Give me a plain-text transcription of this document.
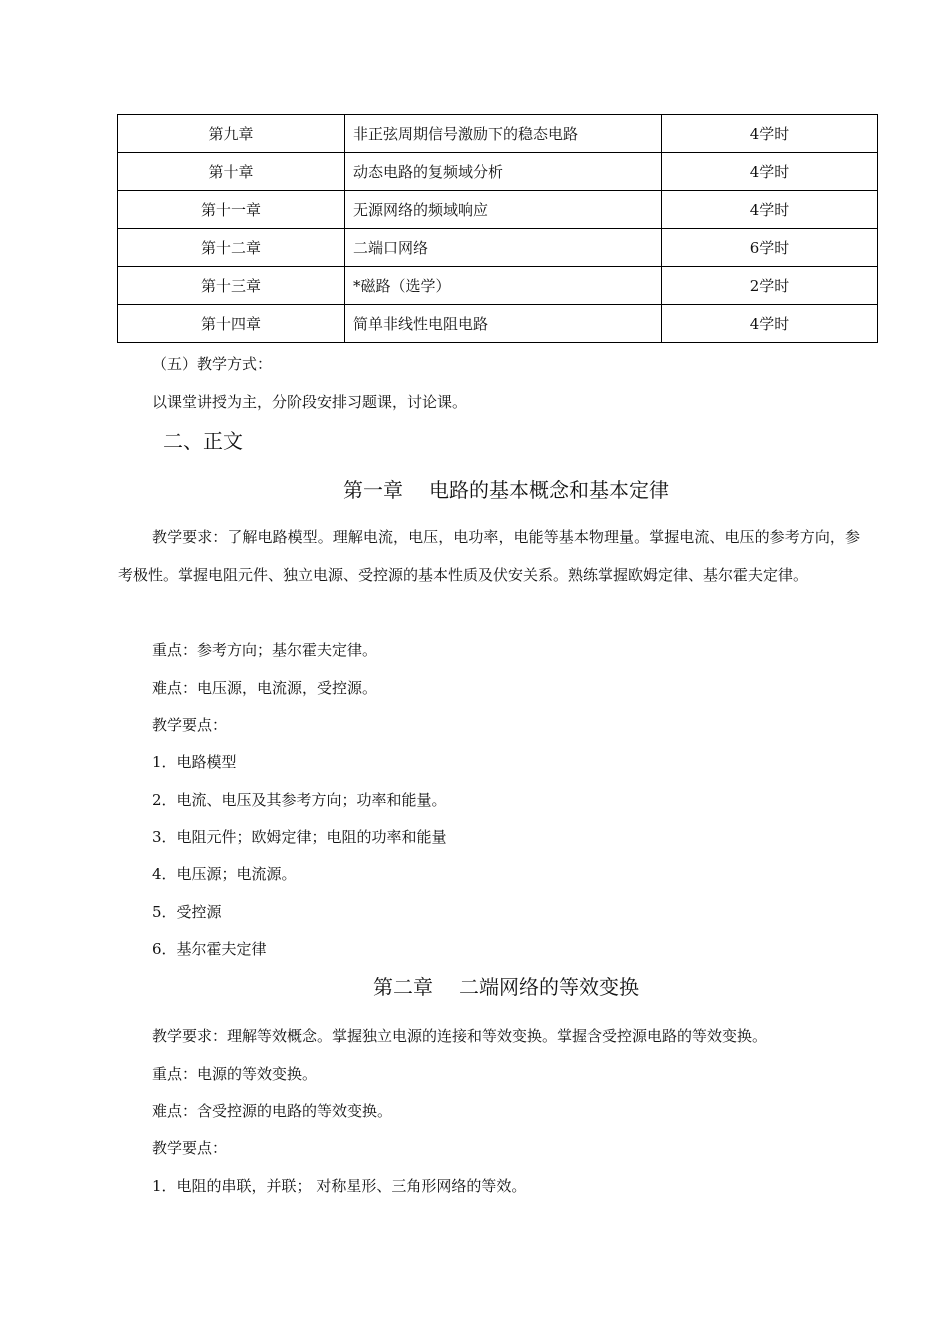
第九章	非正弦周期信号激励下的稳态电路	4学时
第十章	动态电路的复频域分析	4学时
第十一章	无源网络的频域响应	4学时
第十二章	二端口网络	6学时
第十三章	*磁路（选学）	2学时
第十四章	简单非线性电阻电路	4学时
（五）教学方式：
以课堂讲授为主，分阶段安排习题课，讨论课。
二、正文
第一章 电路的基本概念和基本定律
教学要求：了解电路模型。理解电流，电压，电功率，电能等基本物理量。掌握电流、电压的参考方向，参考极性。掌握电阻元件、独立电源、受控源的基本性质及伏安关系。熟练掌握欧姆定律、基尔霍夫定律。
重点：参考方向；基尔霍夫定律。
难点：电压源，电流源，受控源。
教学要点：
1．电路模型
2．电流、电压及其参考方向；功率和能量。
3．电阻元件；欧姆定律；电阻的功率和能量
4．电压源；电流源。
5．受控源
6．基尔霍夫定律
第二章 二端网络的等效变换
教学要求：理解等效概念。掌握独立电源的连接和等效变换。掌握含受控源电路的等效变换。
重点：电源的等效变换。
难点：含受控源的电路的等效变换。
教学要点：
1．电阻的串联，并联； 对称星形、三角形网络的等效。
